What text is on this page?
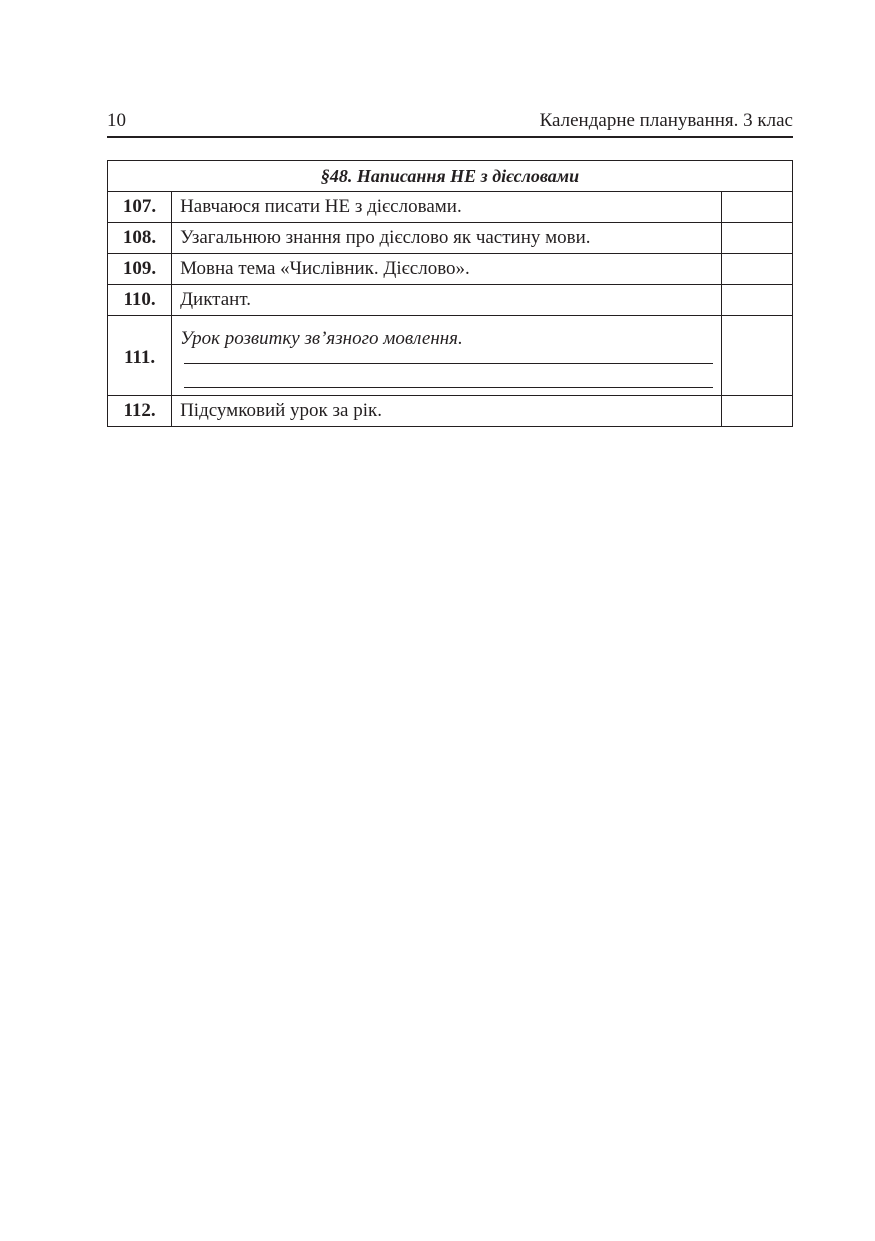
10	Календарне планування. 3 клас
§48. Написання НЕ з дієсловами		
107.	Навчаюся писати НЕ з дієсловами.	
108.	Узагальнюю знання про дієслово як частину мови.	
109.	Мовна тема «Числівник. Дієслово».	
110.	Диктант.	
111.	Урок розвитку зв’язного мовлення.	

112.	Підсумковий урок за рік.	
